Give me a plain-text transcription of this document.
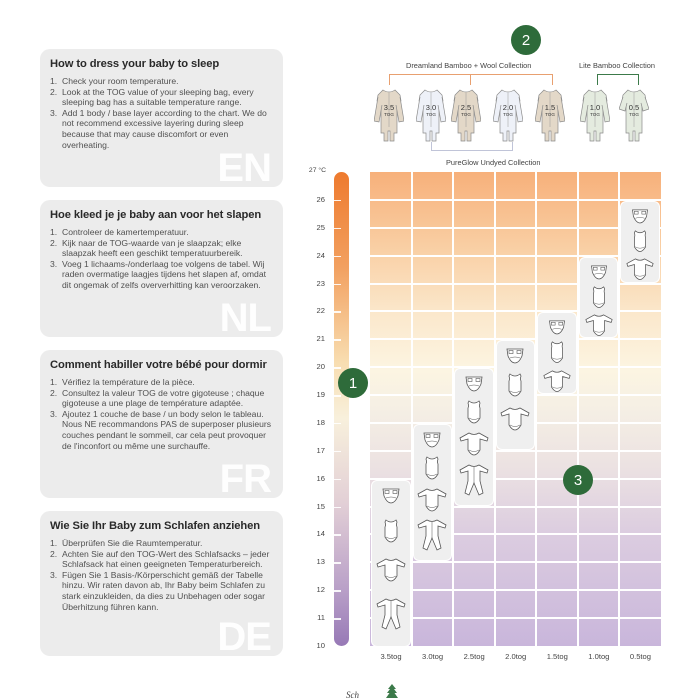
How to dress your baby to sleep
1. Check your room temperature.
2. Look at the TOG value of your sleeping bag, every sleeping bag has a suitable temperature range.
3. Add 1 body / base layer according to the chart. We do not recommend excessive layering during sleep because that may cause discomfort or even overheating.
EN
Hoe kleed je je baby aan voor het slapen
1. Controleer de kamertemperatuur.
2. Kijk naar de TOG-waarde van je slaapzak; elke slaapzak heeft een geschikt temperatuurbereik.
3. Voeg 1 lichaams-/onderlaag toe volgens de tabel. Wij raden overmatige laagjes tijdens het slapen af, omdat dit ongemak of zelfs oververhitting kan veroorzaken.
NL
Comment habiller votre bébé pour dormir
1. Vérifiez la température de la pièce.
2. Consultez la valeur TOG de votre gigoteuse ; chaque gigoteuse a une plage de température adaptée.
3. Ajoutez 1 couche de base / un body selon le tableau. Nous NE recommandons PAS de superposer plusieurs couches pendant le sommeil, car cela peut provoquer de l'inconfort ou même une surchauffe.
FR
Wie Sie Ihr Baby zum Schlafen anziehen
1. Überprüfen Sie die Raumtemperatur.
2. Achten Sie auf den TOG-Wert des Schlafsacks – jeder Schlafsack hat einen geeigneten Temperaturbereich.
3. Fügen Sie 1 Basis-/Körperschicht gemäß der Tabelle hinzu. Wir raten davon ab, Ihr Baby beim Schlafen zu stark einzukleiden, da dies zu Unbehagen oder sogar Überhitzung führen kann.
DE
2
Dreamland Bamboo + Wool Collection	Lite Bamboo Collection
PureGlow Undyed Collection
3.5
TOG
3.0
TOG
2.5
TOG
2.0
TOG
1.5
TOG
1.0
TOG
0.5
TOG
27 °C
26
25
24
23
22
21
20
19
18
17
16
15
14
13
12
11
10
1
3.5tog	3.0tog	2.5tog	2.0tog	1.5tog	1.0tog	0.5tog
3
Sch
